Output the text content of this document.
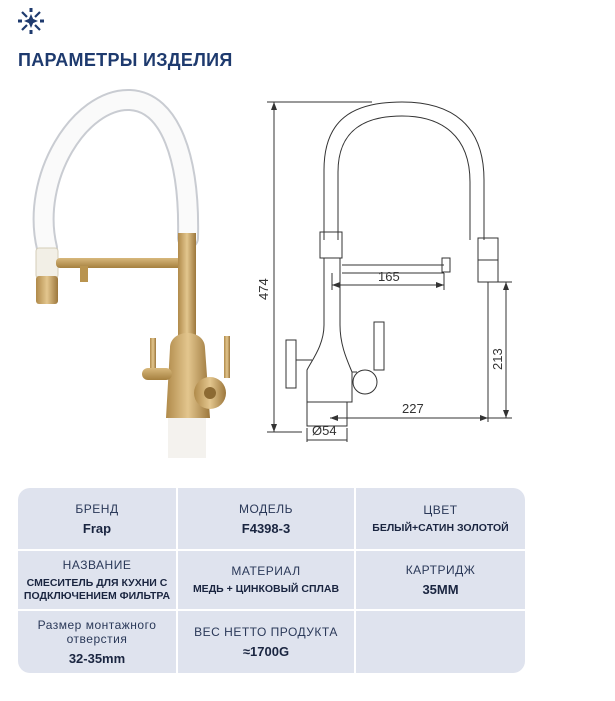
ПАРАМЕТРЫ ИЗДЕЛИЯ
474
165
213
227
Ø54
БРЕНД
Frap
МОДЕЛЬ
F4398-3
ЦВЕТ
БЕЛЫЙ+САТИН ЗОЛОТОЙ
НАЗВАНИЕ
СМЕСИТЕЛЬ ДЛЯ КУХНИ С ПОДКЛЮЧЕНИЕМ ФИЛЬТРА
МАТЕРИАЛ
МЕДЬ + ЦИНКОВЫЙ СПЛАВ
КАРТРИДЖ
35MM
Размер монтажного отверстия
32-35mm
ВЕС НЕТТО ПРОДУКТА
≈1700G
